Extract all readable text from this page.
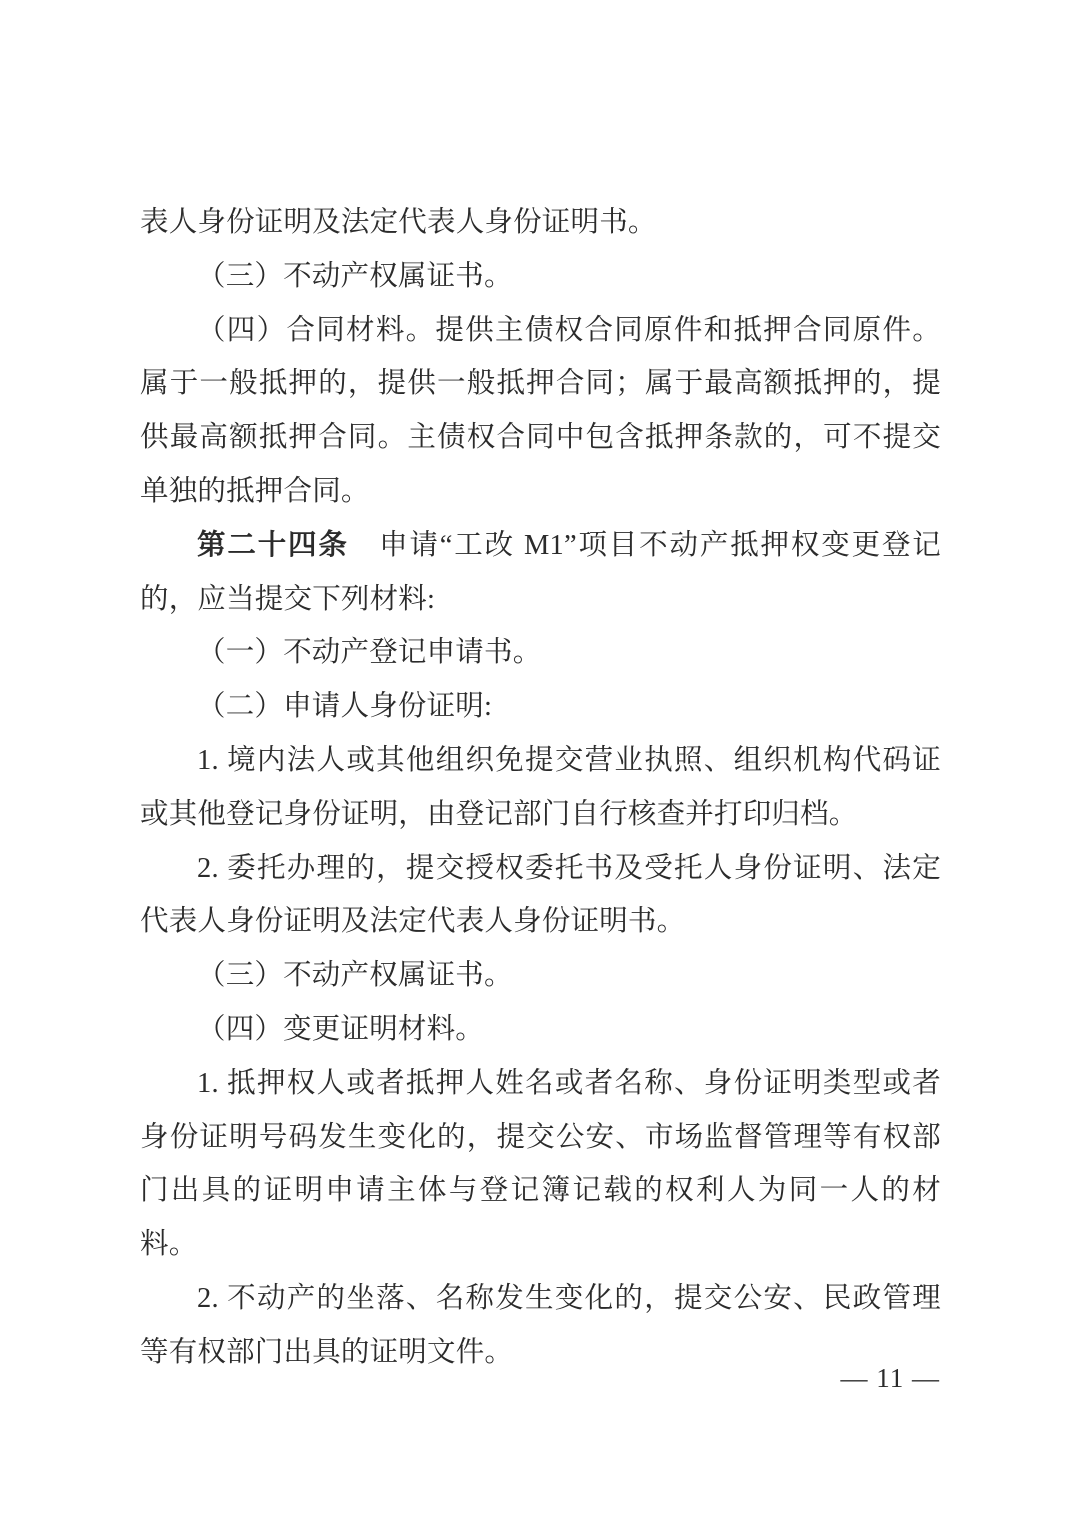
表人身份证明及法定代表人身份证明书。

（三）不动产权属证书。

（四）合同材料。提供主债权合同原件和抵押合同原件。属于一般抵押的，提供一般抵押合同；属于最高额抵押的，提供最高额抵押合同。主债权合同中包含抵押条款的，可不提交单独的抵押合同。

第二十四条　申请“工改 M1”项目不动产抵押权变更登记的，应当提交下列材料:

（一）不动产登记申请书。

（二）申请人身份证明:

1. 境内法人或其他组织免提交营业执照、组织机构代码证或其他登记身份证明，由登记部门自行核查并打印归档。

2. 委托办理的，提交授权委托书及受托人身份证明、法定代表人身份证明及法定代表人身份证明书。

（三）不动产权属证书。

（四）变更证明材料。

1. 抵押权人或者抵押人姓名或者名称、身份证明类型或者身份证明号码发生变化的，提交公安、市场监督管理等有权部门出具的证明申请主体与登记簿记载的权利人为同一人的材料。

2. 不动产的坐落、名称发生变化的，提交公安、民政管理等有权部门出具的证明文件。

— 11 —
